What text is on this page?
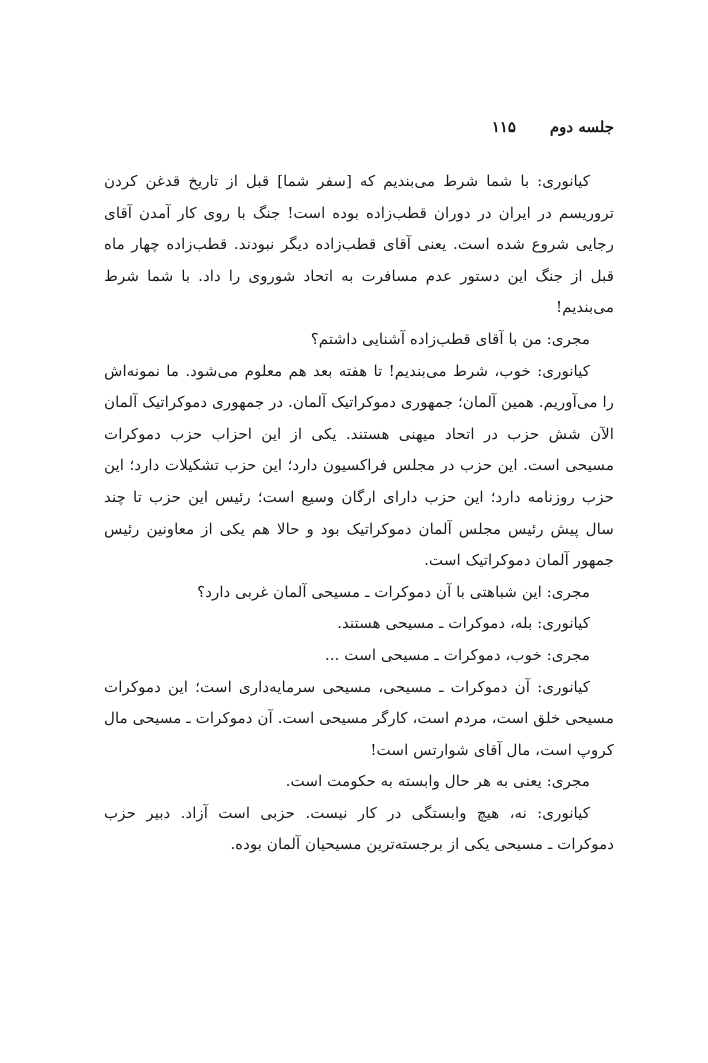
جلسه دوم
۱۱۵

کیانوری: با شما شرط می‌بندیم که [سفر شما] قبل از تاریخ قدغن کردن تروریسم در ایران در دوران قطب‌زاده بوده است! جنگ با روی کار آمدن آقای رجایی شروع شده است. یعنی آقای قطب‌زاده دیگر نبودند. قطب‌زاده چهار ماه قبل از جنگ این دستور عدم مسافرت به اتحاد شوروی را داد. با شما شرط می‌بندیم!

مجری: من با آقای قطب‌زاده آشنایی داشتم؟

کیانوری: خوب، شرط می‌بندیم! تا هفته بعد هم معلوم می‌شود. ما نمونه‌اش را می‌آوریم. همین آلمان؛ جمهوری دموکراتیک آلمان. در جمهوری دموکراتیک آلمان الآن شش حزب در اتحاد میهنی هستند. یکی از این احزاب حزب دموکرات مسیحی است. این حزب در مجلس فراکسیون دارد؛ این حزب تشکیلات دارد؛ این حزب روزنامه دارد؛ این حزب دارای ارگان وسیع است؛ رئیس این حزب تا چند سال پیش رئیس مجلس آلمان دموکراتیک بود و حالا هم یکی از معاونین رئیس جمهور آلمان دموکراتیک است.

مجری: این شباهتی با آن دموکرات ـ مسیحی آلمان غربی دارد؟

کیانوری: بله، دموکرات ـ مسیحی هستند.

مجری: خوب، دموکرات ـ مسیحی است ...

کیانوری: آن دموکرات ـ مسیحی، مسیحی سرمایه‌داری است؛ این دموکرات مسیحی خلق است، مردم است، کارگر مسیحی است. آن دموکرات ـ مسیحی مال کروپ است، مال آقای شوارتس است!

مجری: یعنی به هر حال وابسته به حکومت است.

کیانوری: نه، هیچ وابستگی در کار نیست. حزبی است آزاد. دبیر حزب دموکرات ـ مسیحی یکی از برجسته‌ترین مسیحیان آلمان بوده.
